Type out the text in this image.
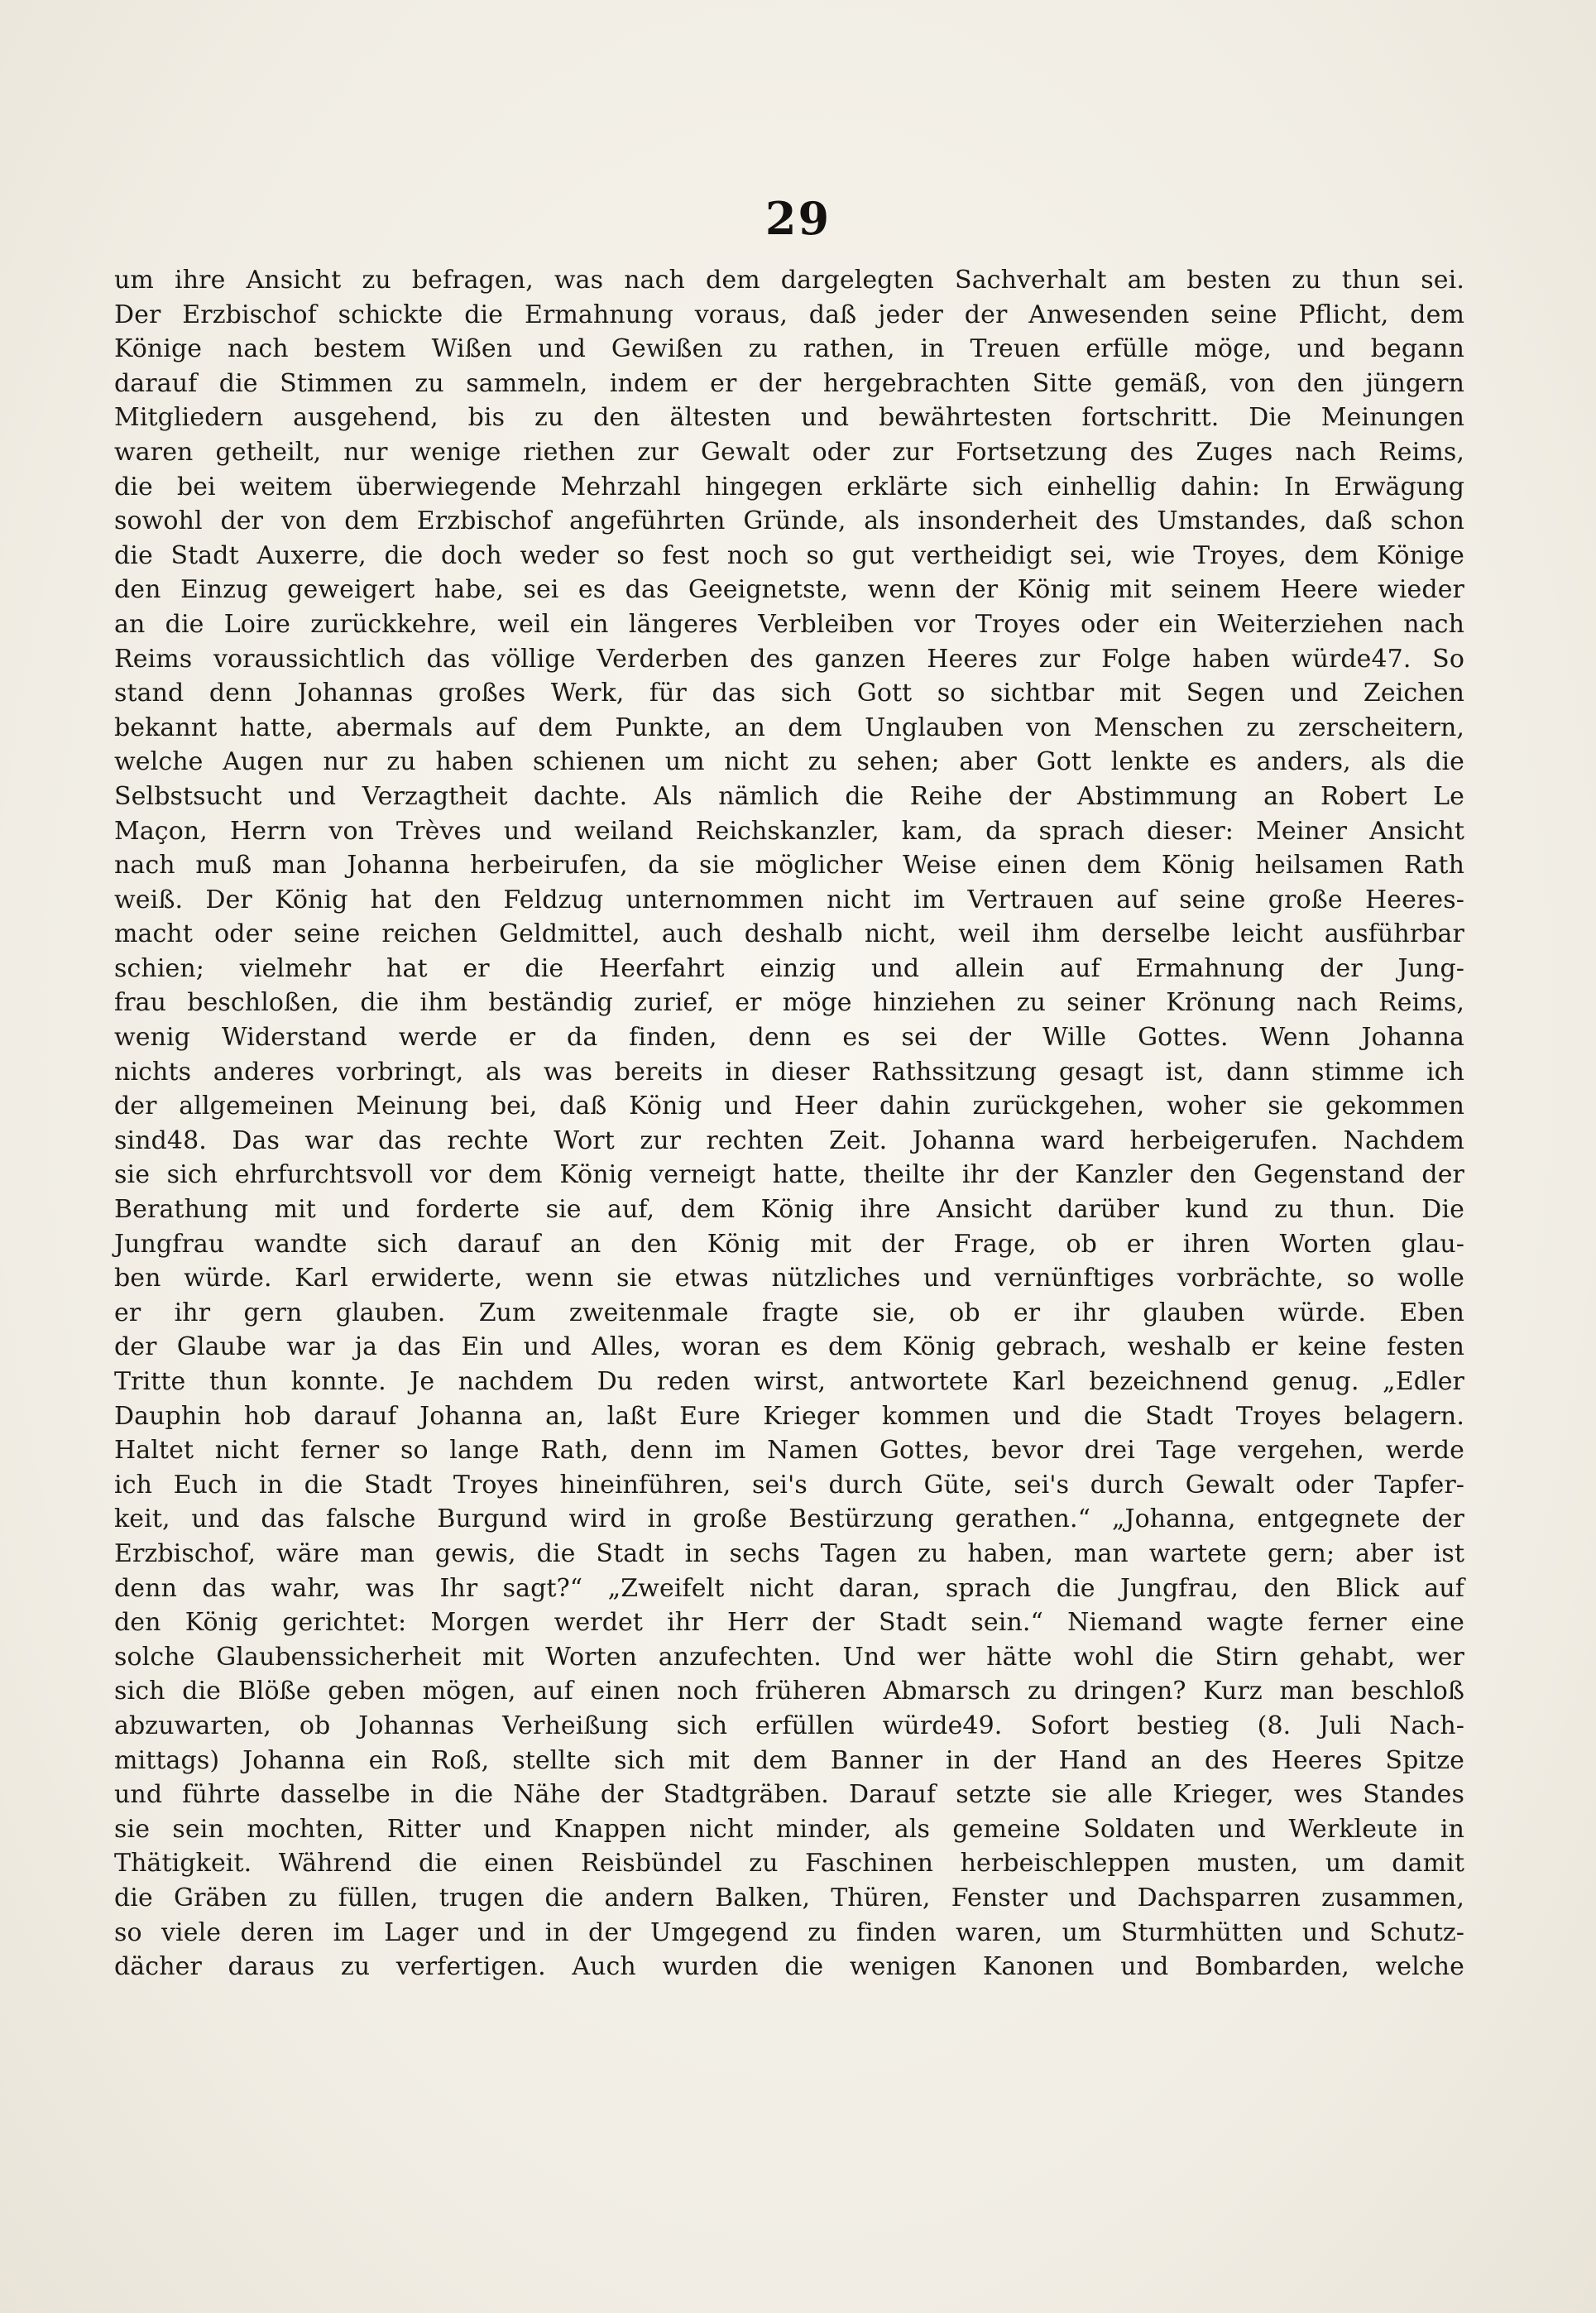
29
um ihre Ansicht zu befragen, was nach dem dargelegten Sachverhalt am besten zu thun sei.
Der Erzbischof schickte die Ermahnung voraus, daß jeder der Anwesenden seine Pflicht, dem
Könige nach bestem Wißen und Gewißen zu rathen, in Treuen erfülle möge, und begann
darauf die Stimmen zu sammeln, indem er der hergebrachten Sitte gemäß, von den jüngern
Mitgliedern ausgehend, bis zu den ältesten und bewährtesten fortschritt. Die Meinungen
waren getheilt, nur wenige riethen zur Gewalt oder zur Fortsetzung des Zuges nach Reims,
die bei weitem überwiegende Mehrzahl hingegen erklärte sich einhellig dahin: In Erwägung
sowohl der von dem Erzbischof angeführten Gründe, als insonderheit des Umstandes, daß schon
die Stadt Auxerre, die doch weder so fest noch so gut vertheidigt sei, wie Troyes, dem Könige
den Einzug geweigert habe, sei es das Geeignetste, wenn der König mit seinem Heere wieder
an die Loire zurückkehre, weil ein längeres Verbleiben vor Troyes oder ein Weiterziehen nach
Reims voraussichtlich das völlige Verderben des ganzen Heeres zur Folge haben würde47. So
stand denn Johannas großes Werk, für das sich Gott so sichtbar mit Segen und Zeichen
bekannt hatte, abermals auf dem Punkte, an dem Unglauben von Menschen zu zerscheitern,
welche Augen nur zu haben schienen um nicht zu sehen; aber Gott lenkte es anders, als die
Selbstsucht und Verzagtheit dachte. Als nämlich die Reihe der Abstimmung an Robert Le
Maçon, Herrn von Trèves und weiland Reichskanzler, kam, da sprach dieser: Meiner Ansicht
nach muß man Johanna herbeirufen, da sie möglicher Weise einen dem König heilsamen Rath
weiß. Der König hat den Feldzug unternommen nicht im Vertrauen auf seine große Heeres-
macht oder seine reichen Geldmittel, auch deshalb nicht, weil ihm derselbe leicht ausführbar
schien; vielmehr hat er die Heerfahrt einzig und allein auf Ermahnung der Jung-
frau beschloßen, die ihm beständig zurief, er möge hinziehen zu seiner Krönung nach Reims,
wenig Widerstand werde er da finden, denn es sei der Wille Gottes. Wenn Johanna
nichts anderes vorbringt, als was bereits in dieser Rathssitzung gesagt ist, dann stimme ich
der allgemeinen Meinung bei, daß König und Heer dahin zurückgehen, woher sie gekommen
sind48. Das war das rechte Wort zur rechten Zeit. Johanna ward herbeigerufen. Nachdem
sie sich ehrfurchtsvoll vor dem König verneigt hatte, theilte ihr der Kanzler den Gegenstand der
Berathung mit und forderte sie auf, dem König ihre Ansicht darüber kund zu thun. Die
Jungfrau wandte sich darauf an den König mit der Frage, ob er ihren Worten glau-
ben würde. Karl erwiderte, wenn sie etwas nützliches und vernünftiges vorbrächte, so wolle
er ihr gern glauben. Zum zweitenmale fragte sie, ob er ihr glauben würde. Eben
der Glaube war ja das Ein und Alles, woran es dem König gebrach, weshalb er keine festen
Tritte thun konnte. Je nachdem Du reden wirst, antwortete Karl bezeichnend genug. „Edler
Dauphin hob darauf Johanna an, laßt Eure Krieger kommen und die Stadt Troyes belagern.
Haltet nicht ferner so lange Rath, denn im Namen Gottes, bevor drei Tage vergehen, werde
ich Euch in die Stadt Troyes hineinführen, sei's durch Güte, sei's durch Gewalt oder Tapfer-
keit, und das falsche Burgund wird in große Bestürzung gerathen.“ „Johanna, entgegnete der
Erzbischof, wäre man gewis, die Stadt in sechs Tagen zu haben, man wartete gern; aber ist
denn das wahr, was Ihr sagt?“ „Zweifelt nicht daran, sprach die Jungfrau, den Blick auf
den König gerichtet: Morgen werdet ihr Herr der Stadt sein.“ Niemand wagte ferner eine
solche Glaubenssicherheit mit Worten anzufechten. Und wer hätte wohl die Stirn gehabt, wer
sich die Blöße geben mögen, auf einen noch früheren Abmarsch zu dringen? Kurz man beschloß
abzuwarten, ob Johannas Verheißung sich erfüllen würde49. Sofort bestieg (8. Juli Nach-
mittags) Johanna ein Roß, stellte sich mit dem Banner in der Hand an des Heeres Spitze
und führte dasselbe in die Nähe der Stadtgräben. Darauf setzte sie alle Krieger, wes Standes
sie sein mochten, Ritter und Knappen nicht minder, als gemeine Soldaten und Werkleute in
Thätigkeit. Während die einen Reisbündel zu Faschinen herbeischleppen musten, um damit
die Gräben zu füllen, trugen die andern Balken, Thüren, Fenster und Dachsparren zusammen,
so viele deren im Lager und in der Umgegend zu finden waren, um Sturmhütten und Schutz-
dächer daraus zu verfertigen. Auch wurden die wenigen Kanonen und Bombarden, welche
